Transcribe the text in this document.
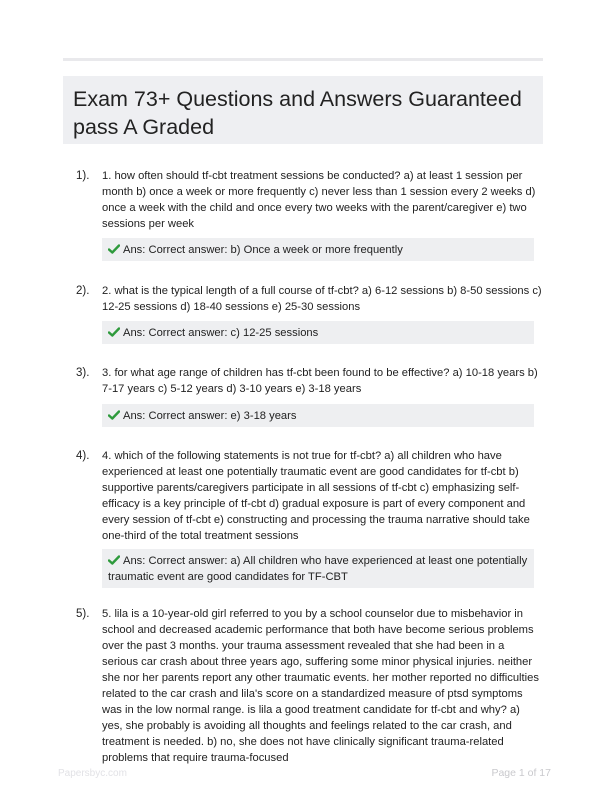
Exam 73+ Questions and Answers Guaranteed pass A Graded
1). 1. how often should tf-cbt treatment sessions be conducted? a) at least 1 session per month b) once a week or more frequently c) never less than 1 session every 2 weeks d) once a week with the child and once every two weeks with the parent/caregiver e) two sessions per week
Ans: Correct answer: b) Once a week or more frequently
2). 2. what is the typical length of a full course of tf-cbt? a) 6-12 sessions b) 8-50 sessions c) 12-25 sessions d) 18-40 sessions e) 25-30 sessions
Ans: Correct answer: c) 12-25 sessions
3). 3. for what age range of children has tf-cbt been found to be effective? a) 10-18 years b) 7-17 years c) 5-12 years d) 3-10 years e) 3-18 years
Ans: Correct answer: e) 3-18 years
4). 4. which of the following statements is not true for tf-cbt? a) all children who have experienced at least one potentially traumatic event are good candidates for tf-cbt b) supportive parents/caregivers participate in all sessions of tf-cbt c) emphasizing self-efficacy is a key principle of tf-cbt d) gradual exposure is part of every component and every session of tf-cbt e) constructing and processing the trauma narrative should take one-third of the total treatment sessions
Ans: Correct answer: a) All children who have experienced at least one potentially traumatic event are good candidates for TF-CBT
5). 5. lila is a 10-year-old girl referred to you by a school counselor due to misbehavior in school and decreased academic performance that both have become serious problems over the past 3 months. your trauma assessment revealed that she had been in a serious car crash about three years ago, suffering some minor physical injuries. neither she nor her parents report any other traumatic events. her mother reported no difficulties related to the car crash and lila's score on a standardized measure of ptsd symptoms was in the low normal range. is lila a good treatment candidate for tf-cbt and why? a) yes, she probably is avoiding all thoughts and feelings related to the car crash, and treatment is needed. b) no, she does not have clinically significant trauma-related problems that require trauma-focused
Papersbyc.com	Page 1 of 17
